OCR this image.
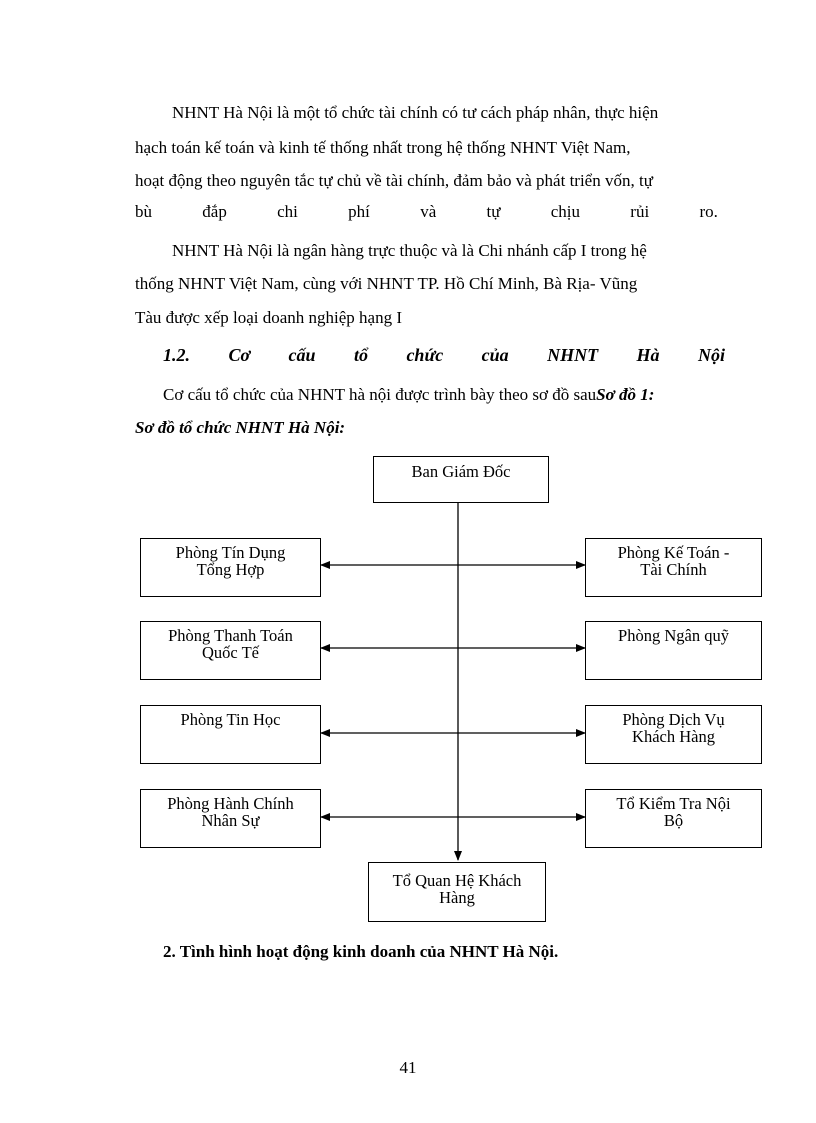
NHNT Hà Nội là một tổ chức tài chính có tư cách pháp nhân, thực hiện
hạch toán kế toán và kinh tế thống nhất trong hệ thống NHNT Việt Nam,
hoạt động theo nguyên tắc tự chủ về tài chính, đảm bảo và phát triển vốn, tự
bù	đắp	chi	phí	và	tự	chịu	rủi	ro.
NHNT Hà Nội là ngân hàng trực thuộc và là Chi nhánh cấp I trong hệ
thống NHNT Việt Nam, cùng với NHNT TP. Hồ Chí Minh, Bà Rịa- Vũng
Tàu được xếp loại doanh nghiệp hạng I
1.2. Cơ cấu tổ chức của NHNT Hà Nội
Cơ cấu tổ chức của NHNT hà nội được trình bày theo sơ đồ sauSơ đồ 1:
Sơ đồ tổ chức NHNT Hà Nội:
Ban Giám Đốc
Phòng Tín Dụng
Tổng Hợp
Phòng Thanh Toán
Quốc Tế
Phòng Tin Học
Phòng Hành Chính
Nhân Sự
Phòng Kế Toán -
Tài Chính
Phòng Ngân quỹ
Phòng Dịch Vụ
Khách Hàng
Tổ Kiểm Tra Nội
Bộ
Tổ Quan Hệ Khách
Hàng
2. Tình hình hoạt động kinh doanh của NHNT Hà Nội.
41
